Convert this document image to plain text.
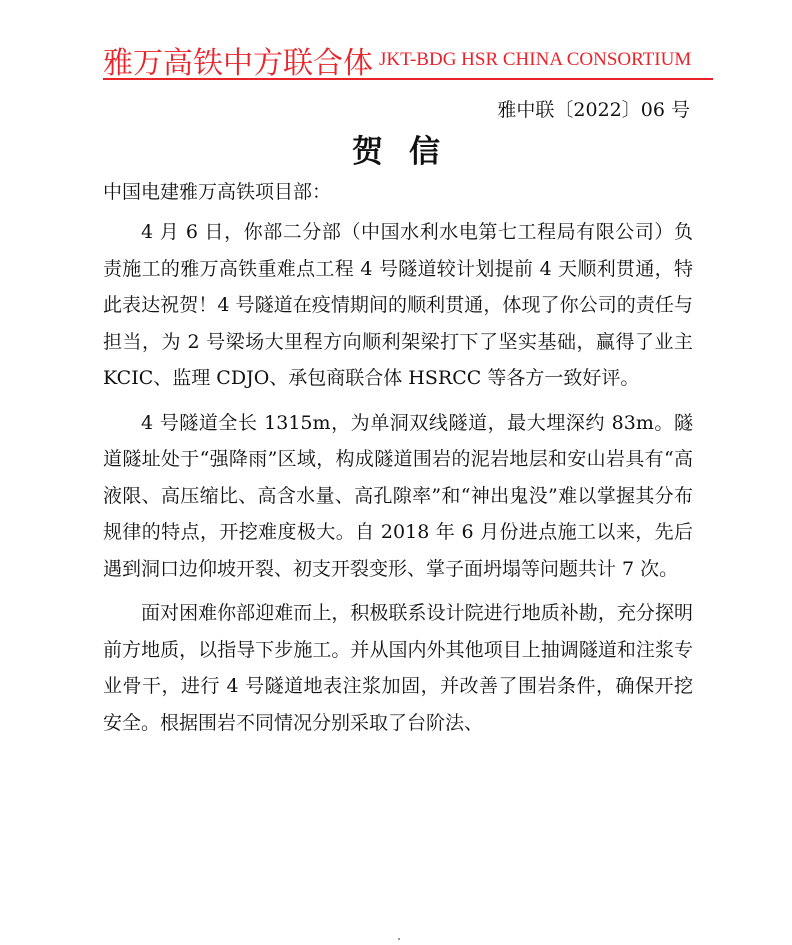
雅万高铁中方联合体 JKT-BDG HSR CHINA CONSORTIUM
雅中联〔2022〕06 号
贺信
中国电建雅万高铁项目部：

4 月 6 日，你部二分部（中国水利水电第七工程局有限公司）负责施工的雅万高铁重难点工程 4 号隧道较计划提前 4 天顺利贯通，特此表达祝贺！4 号隧道在疫情期间的顺利贯通，体现了你公司的责任与担当，为 2 号梁场大里程方向顺利架梁打下了坚实基础，赢得了业主 KCIC、监理 CDJO、承包商联合体 HSRCC 等各方一致好评。

4 号隧道全长 1315m，为单洞双线隧道，最大埋深约 83m。隧道隧址处于“强降雨”区域，构成隧道围岩的泥岩地层和安山岩具有“高液限、高压缩比、高含水量、高孔隙率”和“神出鬼没”难以掌握其分布规律的特点，开挖难度极大。自 2018 年 6 月份进点施工以来，先后遇到洞口边仰坡开裂、初支开裂变形、掌子面坍塌等问题共计 7 次。

面对困难你部迎难而上，积极联系设计院进行地质补勘，充分探明前方地质，以指导下步施工。并从国内外其他项目上抽调隧道和注浆专业骨干，进行 4 号隧道地表注浆加固，并改善了围岩条件，确保开挖安全。根据围岩不同情况分别采取了台阶法、
